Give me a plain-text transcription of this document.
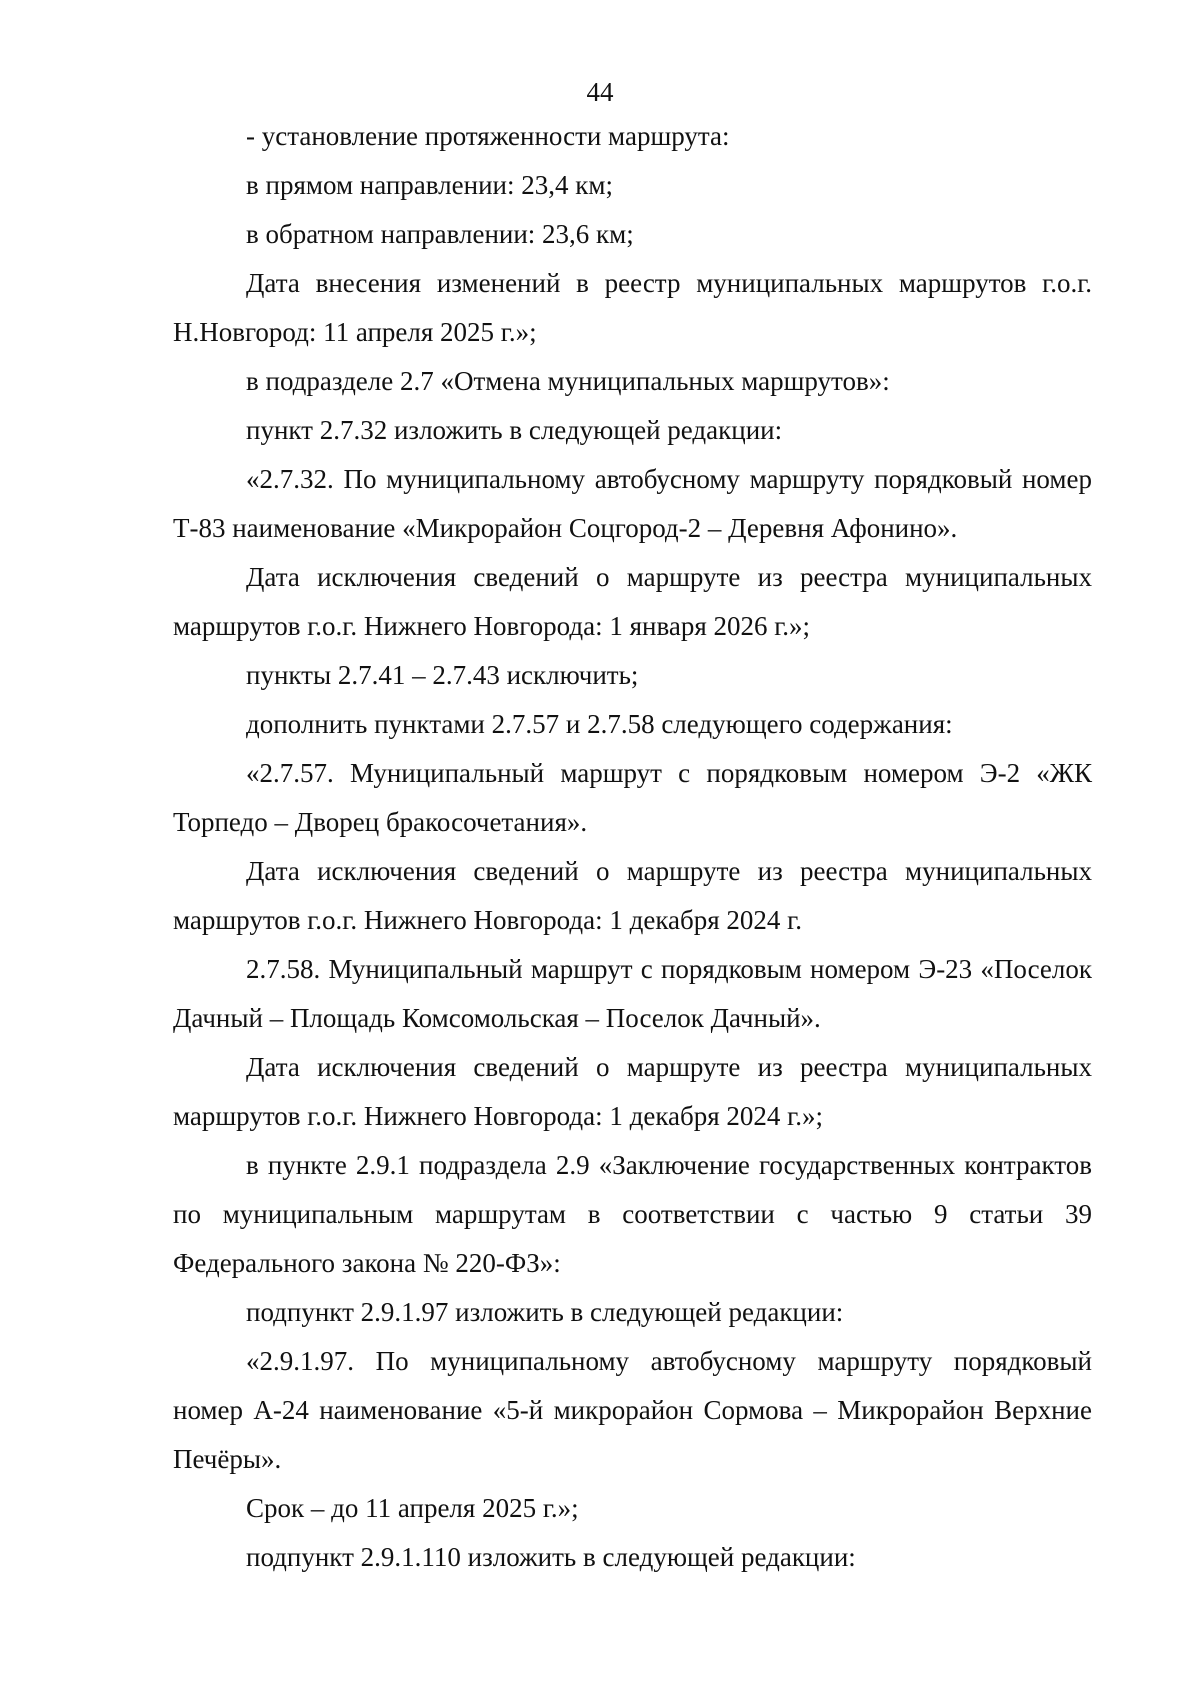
44

- установление протяженности маршрута:

в прямом направлении: 23,4 км;

в обратном направлении: 23,6 км;

Дата внесения изменений в реестр муниципальных маршрутов г.о.г. Н.Новгород: 11 апреля 2025 г.»;

в подразделе 2.7 «Отмена муниципальных маршрутов»:

пункт 2.7.32 изложить в следующей редакции:

«2.7.32. По муниципальному автобусному маршруту порядковый номер Т-83 наименование «Микрорайон Соцгород-2 – Деревня Афонино».

Дата исключения сведений о маршруте из реестра муниципальных маршрутов г.о.г. Нижнего Новгорода: 1 января 2026 г.»;

пункты 2.7.41 – 2.7.43 исключить;

дополнить пунктами 2.7.57 и 2.7.58 следующего содержания:

«2.7.57. Муниципальный маршрут с порядковым номером Э-2 «ЖК Торпедо – Дворец бракосочетания».

Дата исключения сведений о маршруте из реестра муниципальных маршрутов г.о.г. Нижнего Новгорода: 1 декабря 2024 г.

2.7.58. Муниципальный маршрут с порядковым номером Э-23 «Поселок Дачный – Площадь Комсомольская – Поселок Дачный».

Дата исключения сведений о маршруте из реестра муниципальных маршрутов г.о.г. Нижнего Новгорода: 1 декабря 2024 г.»;

в пункте 2.9.1 подраздела 2.9 «Заключение государственных контрактов по муниципальным маршрутам в соответствии с частью 9 статьи 39 Федерального закона № 220-ФЗ»:

подпункт 2.9.1.97 изложить в следующей редакции:

«2.9.1.97. По муниципальному автобусному маршруту порядковый номер А-24 наименование «5-й микрорайон Сормова – Микрорайон Верхние Печёры».

Срок – до 11 апреля 2025 г.»;

подпункт 2.9.1.110 изложить в следующей редакции:
